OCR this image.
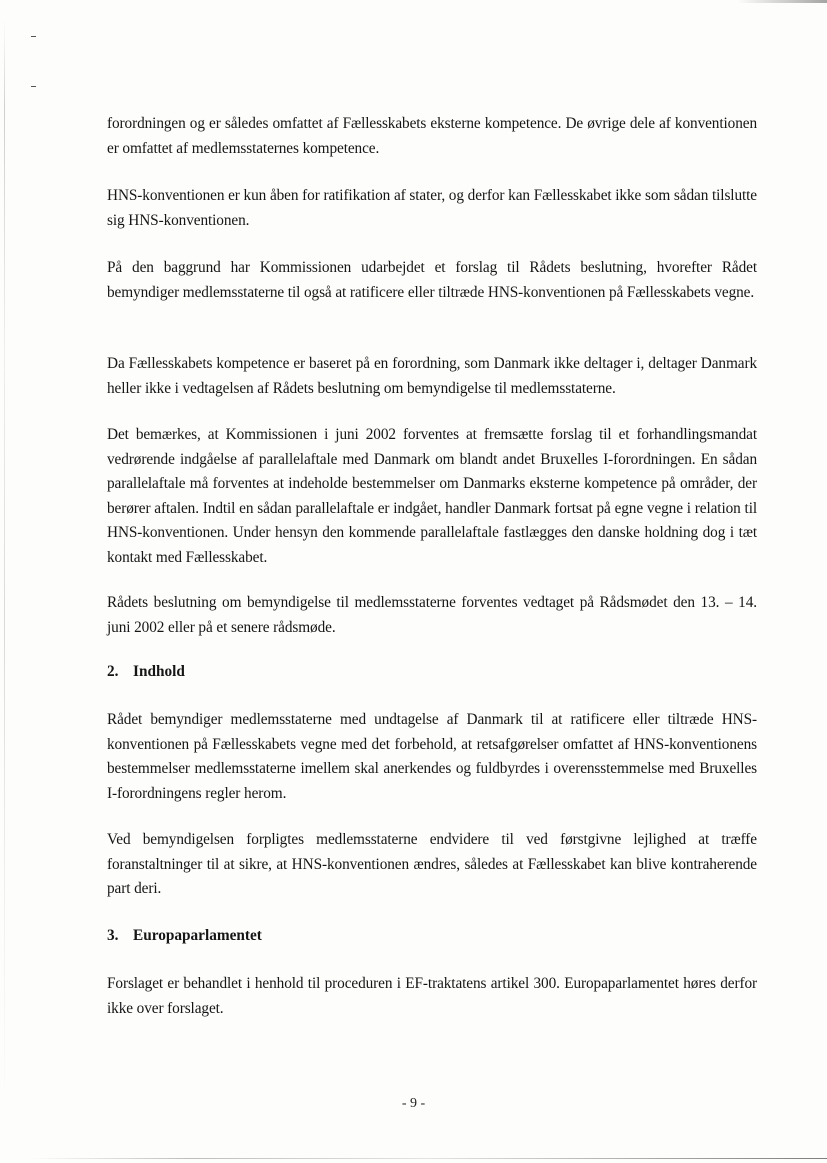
forordningen og er således omfattet af Fællesskabets eksterne kompetence. De øvrige dele af konventionen er omfattet af medlemsstaternes kompetence.

HNS-konventionen er kun åben for ratifikation af stater, og derfor kan Fællesskabet ikke som sådan tilslutte sig HNS-konventionen.

På den baggrund har Kommissionen udarbejdet et forslag til Rådets beslutning, hvorefter Rådet bemyndiger medlemsstaterne til også at ratificere eller tiltræde HNS-konventionen på Fællesskabets vegne.

Da Fællesskabets kompetence er baseret på en forordning, som Danmark ikke deltager i, deltager Danmark heller ikke i vedtagelsen af Rådets beslutning om bemyndigelse til medlemsstaterne.

Det bemærkes, at Kommissionen i juni 2002 forventes at fremsætte forslag til et forhandlingsmandat vedrørende indgåelse af parallelaftale med Danmark om blandt andet Bruxelles I-forordningen. En sådan parallelaftale må forventes at indeholde bestemmelser om Danmarks eksterne kompetence på områder, der berører aftalen. Indtil en sådan parallelaftale er indgået, handler Danmark fortsat på egne vegne i relation til HNS-konventionen. Under hensyn den kommende parallelaftale fastlægges den danske holdning dog i tæt kontakt med Fællesskabet.

Rådets beslutning om bemyndigelse til medlemsstaterne forventes vedtaget på Rådsmødet den 13. – 14. juni 2002 eller på et senere rådsmøde.

2. Indhold

Rådet bemyndiger medlemsstaterne med undtagelse af Danmark til at ratificere eller tiltræde HNS-konventionen på Fællesskabets vegne med det forbehold, at retsafgørelser omfattet af HNS-konventionens bestemmelser medlemsstaterne imellem skal anerkendes og fuldbyrdes i overensstemmelse med Bruxelles I-forordningens regler herom.

Ved bemyndigelsen forpligtes medlemsstaterne endvidere til ved førstgivne lejlighed at træffe foranstaltninger til at sikre, at HNS-konventionen ændres, således at Fællesskabet kan blive kontraherende part deri.

3. Europaparlamentet

Forslaget er behandlet i henhold til proceduren i EF-traktatens artikel 300. Europaparlamentet høres derfor ikke over forslaget.

- 9 -
